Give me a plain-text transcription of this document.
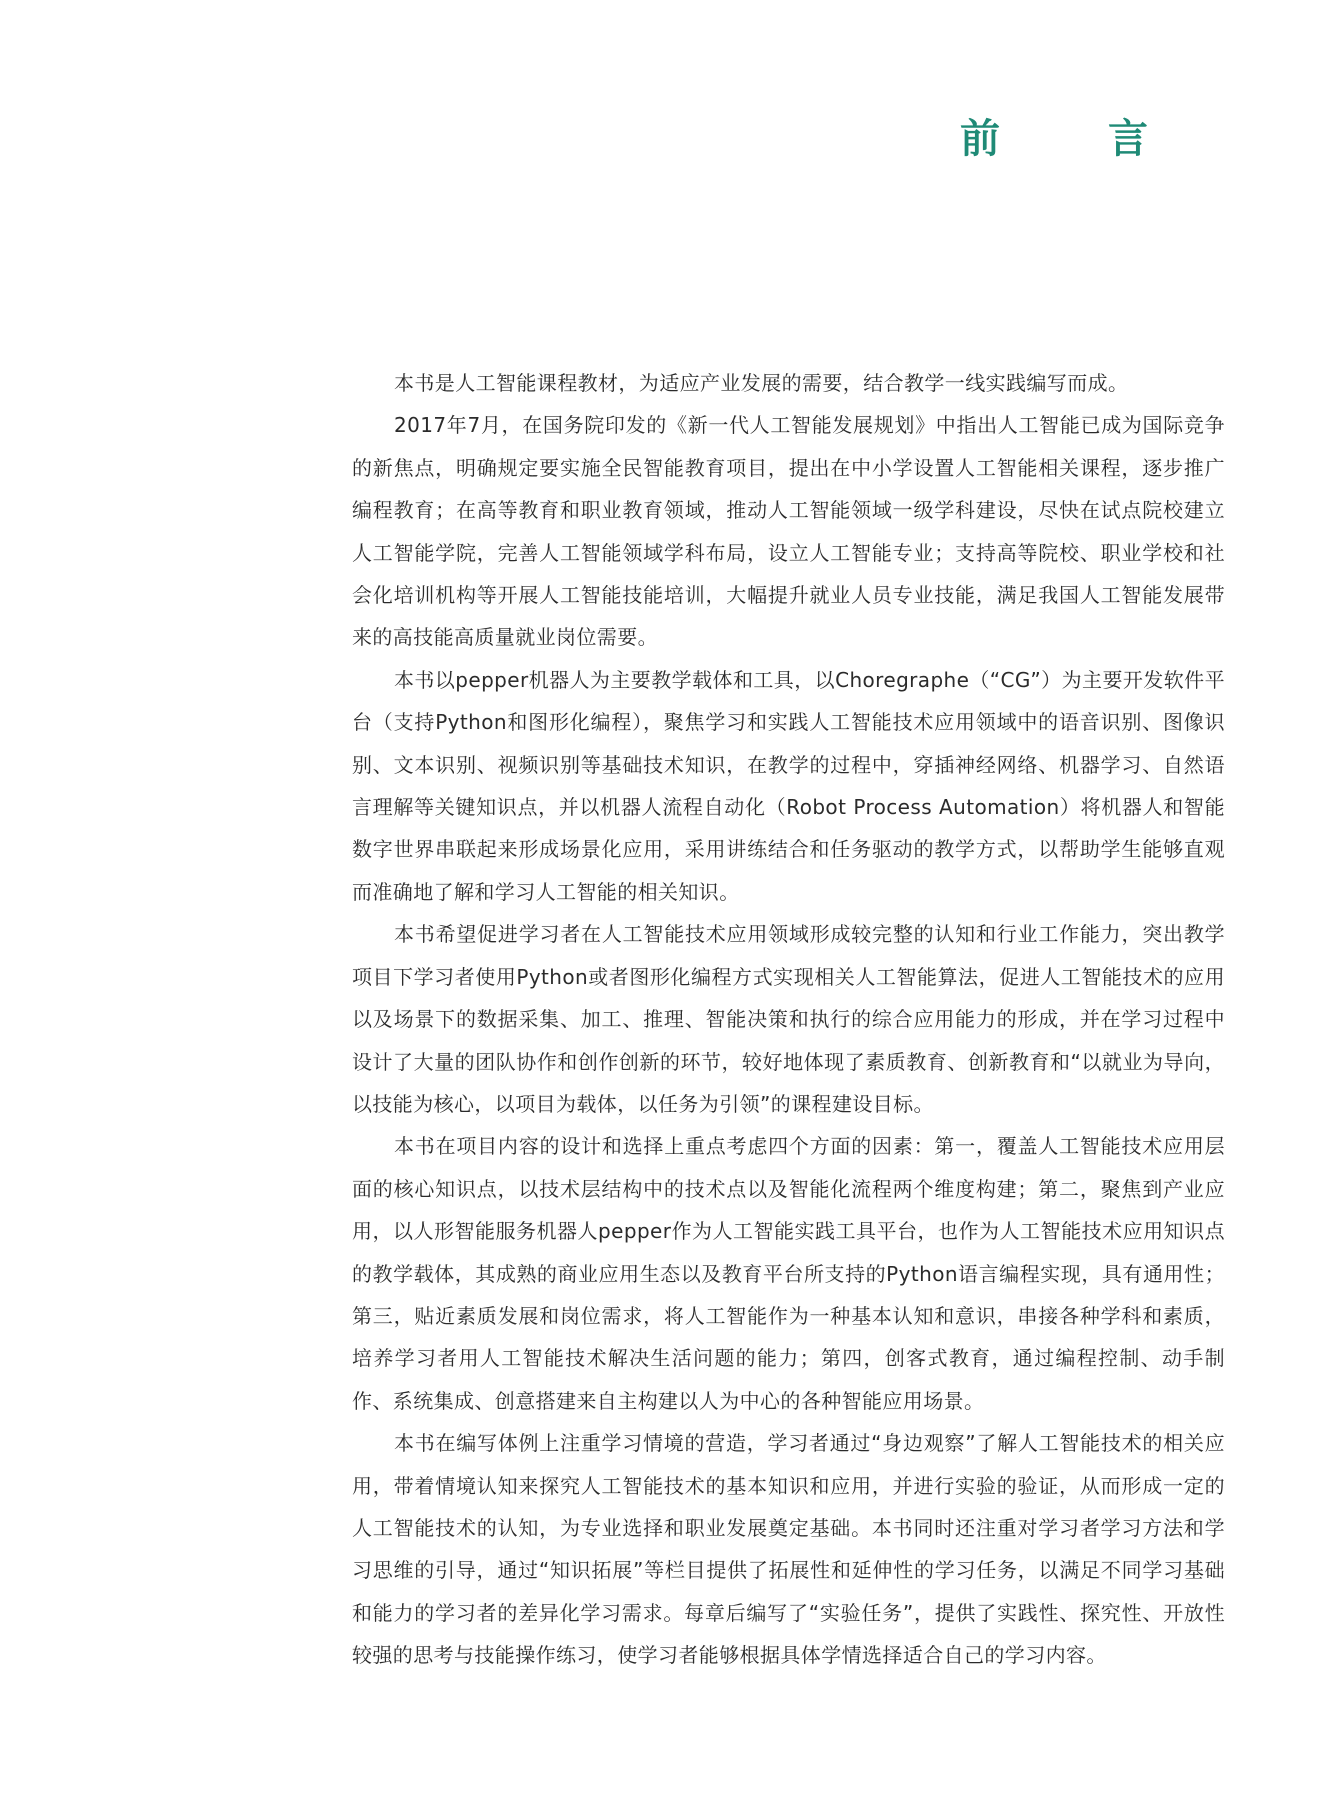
前	言

本书是人工智能课程教材，为适应产业发展的需要，结合教学一线实践编写而成。

2017年7月，在国务院印发的《新一代人工智能发展规划》中指出人工智能已成为国际竞争的新焦点，明确规定要实施全民智能教育项目，提出在中小学设置人工智能相关课程，逐步推广编程教育；在高等教育和职业教育领域，推动人工智能领域一级学科建设，尽快在试点院校建立人工智能学院，完善人工智能领域学科布局，设立人工智能专业；支持高等院校、职业学校和社会化培训机构等开展人工智能技能培训，大幅提升就业人员专业技能，满足我国人工智能发展带来的高技能高质量就业岗位需要。

本书以pepper机器人为主要教学载体和工具，以Choregraphe（“CG”）为主要开发软件平台（支持Python和图形化编程），聚焦学习和实践人工智能技术应用领域中的语音识别、图像识别、文本识别、视频识别等基础技术知识，在教学的过程中，穿插神经网络、机器学习、自然语言理解等关键知识点，并以机器人流程自动化（Robot Process Automation）将机器人和智能数字世界串联起来形成场景化应用，采用讲练结合和任务驱动的教学方式，以帮助学生能够直观而准确地了解和学习人工智能的相关知识。

本书希望促进学习者在人工智能技术应用领域形成较完整的认知和行业工作能力，突出教学项目下学习者使用Python或者图形化编程方式实现相关人工智能算法，促进人工智能技术的应用以及场景下的数据采集、加工、推理、智能决策和执行的综合应用能力的形成，并在学习过程中设计了大量的团队协作和创作创新的环节，较好地体现了素质教育、创新教育和“以就业为导向，以技能为核心，以项目为载体，以任务为引领”的课程建设目标。

本书在项目内容的设计和选择上重点考虑四个方面的因素：第一，覆盖人工智能技术应用层面的核心知识点，以技术层结构中的技术点以及智能化流程两个维度构建；第二，聚焦到产业应用，以人形智能服务机器人pepper作为人工智能实践工具平台，也作为人工智能技术应用知识点的教学载体，其成熟的商业应用生态以及教育平台所支持的Python语言编程实现，具有通用性；第三，贴近素质发展和岗位需求，将人工智能作为一种基本认知和意识，串接各种学科和素质，培养学习者用人工智能技术解决生活问题的能力；第四，创客式教育，通过编程控制、动手制作、系统集成、创意搭建来自主构建以人为中心的各种智能应用场景。

本书在编写体例上注重学习情境的营造，学习者通过“身边观察”了解人工智能技术的相关应用，带着情境认知来探究人工智能技术的基本知识和应用，并进行实验的验证，从而形成一定的人工智能技术的认知，为专业选择和职业发展奠定基础。本书同时还注重对学习者学习方法和学习思维的引导，通过“知识拓展”等栏目提供了拓展性和延伸性的学习任务，以满足不同学习基础和能力的学习者的差异化学习需求。每章后编写了“实验任务”，提供了实践性、探究性、开放性较强的思考与技能操作练习，使学习者能够根据具体学情选择适合自己的学习内容。
